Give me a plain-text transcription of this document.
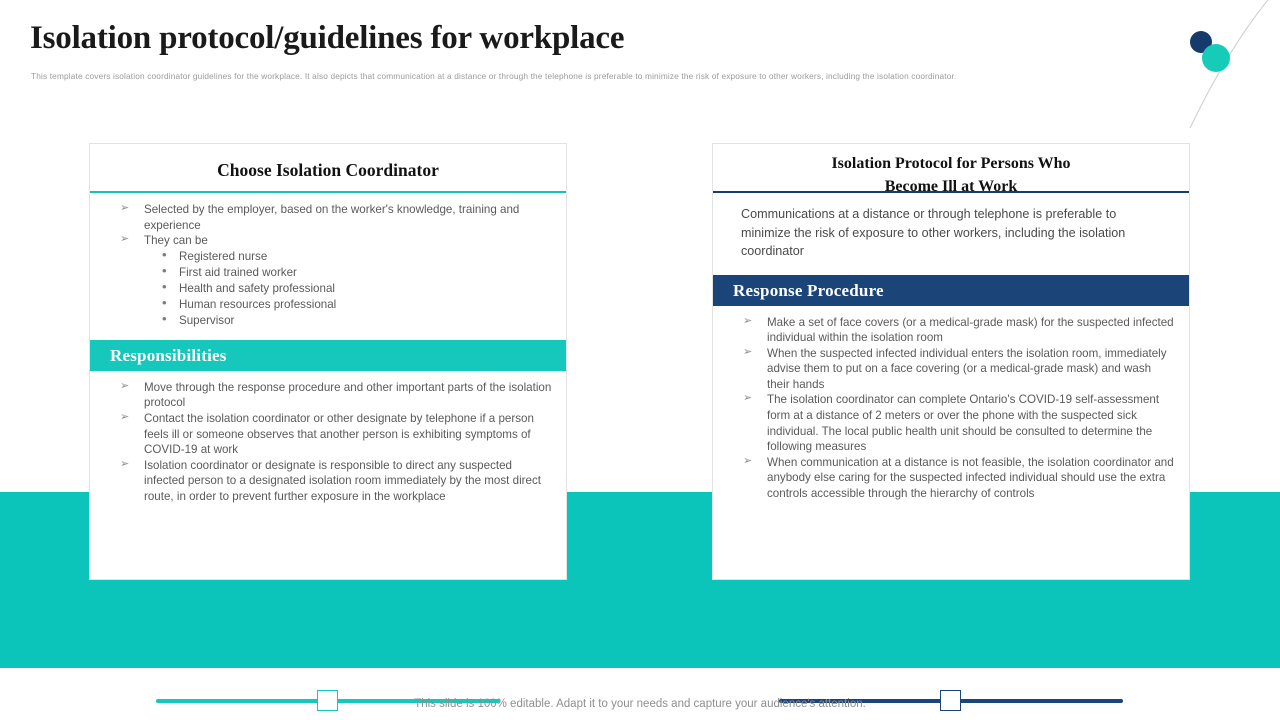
Isolation protocol/guidelines for workplace
This template covers isolation coordinator guidelines for the workplace. It also depicts that communication at a distance or through the telephone is preferable to minimize the risk of exposure to other workers, including the isolation coordinator.
Choose Isolation Coordinator
➢ Selected by the employer, based on the worker's knowledge, training and experience
➢ They can be
• Registered nurse
• First aid trained worker
• Health and safety professional
• Human resources professional
• Supervisor
Responsibilities
➢ Move through the response procedure and other important parts of the isolation protocol
➢ Contact the isolation coordinator or other designate by telephone if a person feels ill or someone observes that another person is exhibiting symptoms of COVID-19 at work
➢ Isolation coordinator or designate is responsible to direct any suspected infected person to a designated isolation room immediately by the most direct route, in order to prevent further exposure in the workplace
Isolation Protocol for Persons Who
Become Ill at Work
Communications at a distance or through telephone is preferable to minimize the risk of exposure to other workers, including the isolation coordinator
Response Procedure
➢ Make a set of face covers (or a medical-grade mask) for the suspected infected individual within the isolation room
➢ When the suspected infected individual enters the isolation room, immediately advise them to put on a face covering (or a medical-grade mask) and wash their hands
➢ The isolation coordinator can complete Ontario's COVID-19 self-assessment form at a distance of 2 meters or over the phone with the suspected sick individual. The local public health unit should be consulted to determine the following measures
➢ When communication at a distance is not feasible, the isolation coordinator and anybody else caring for the suspected infected individual should use the extra controls accessible through the hierarchy of controls
This slide is 100% editable. Adapt it to your needs and capture your audience's attention.
